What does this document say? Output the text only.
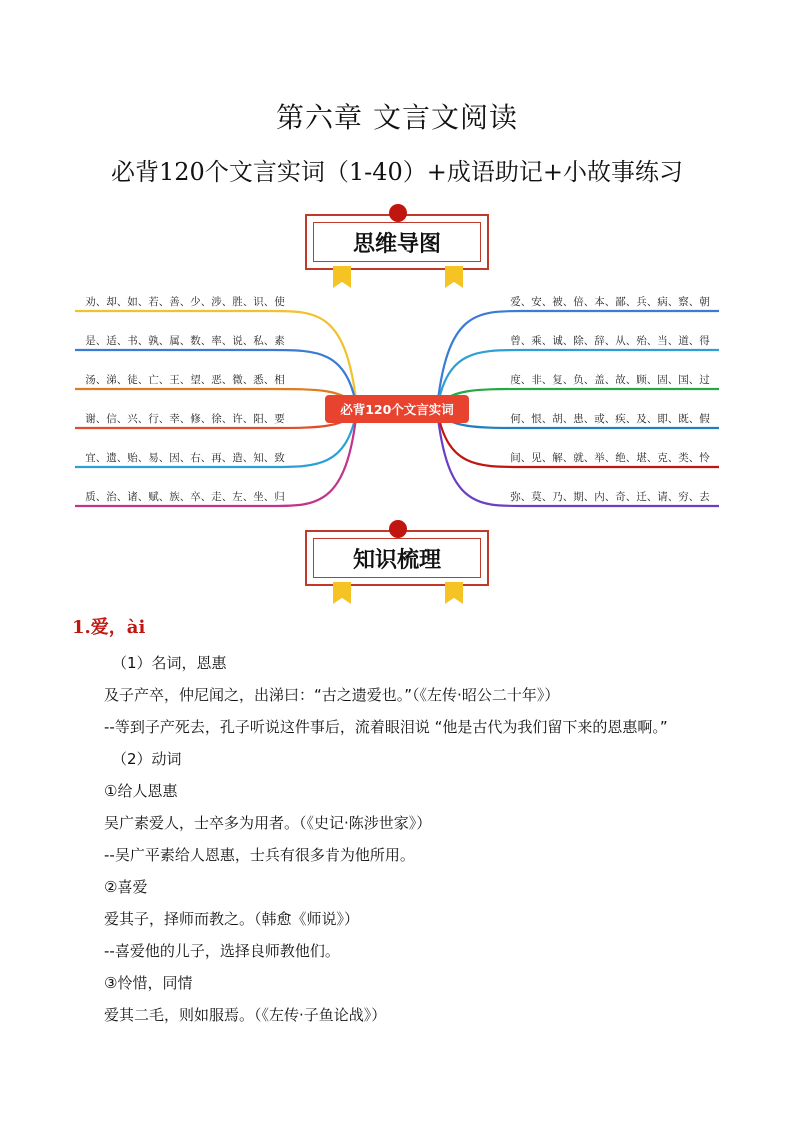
第六章 文言文阅读
必背120个文言实词（1-40）+成语助记+小故事练习
思维导图
劝、却、如、若、善、少、涉、胜、识、使
是、适、书、孰、属、数、率、说、私、素
汤、涕、徒、亡、王、望、恶、微、悉、相
谢、信、兴、行、幸、修、徐、许、阳、要
宜、遗、贻、易、因、右、再、造、知、致
质、治、诸、赋、族、卒、走、左、坐、归
爱、安、被、倍、本、鄙、兵、病、察、朝
曾、乘、诚、除、辞、从、殆、当、道、得
度、非、复、负、盖、故、顾、固、国、过
何、恨、胡、患、或、疾、及、即、既、假
间、见、解、就、举、绝、堪、克、类、怜
弥、莫、乃、期、内、奇、迁、请、穷、去
必背120个文言实词
知识梳理
1.爱，ài
（1）名词，恩惠
及子产卒，仲尼闻之，出涕曰：“古之遗爱也。”（《左传·昭公二十年》）
--等到子产死去，孔子听说这件事后，流着眼泪说 “他是古代为我们留下来的恩惠啊。”
（2）动词
①给人恩惠
吴广素爱人，士卒多为用者。（《史记·陈涉世家》）
--吴广平素给人恩惠，士兵有很多肯为他所用。
②喜爱
爱其子，择师而教之。（韩愈《师说》）
--喜爱他的儿子，选择良师教他们。
③怜惜，同情
爱其二毛，则如服焉。（《左传·子鱼论战》）
